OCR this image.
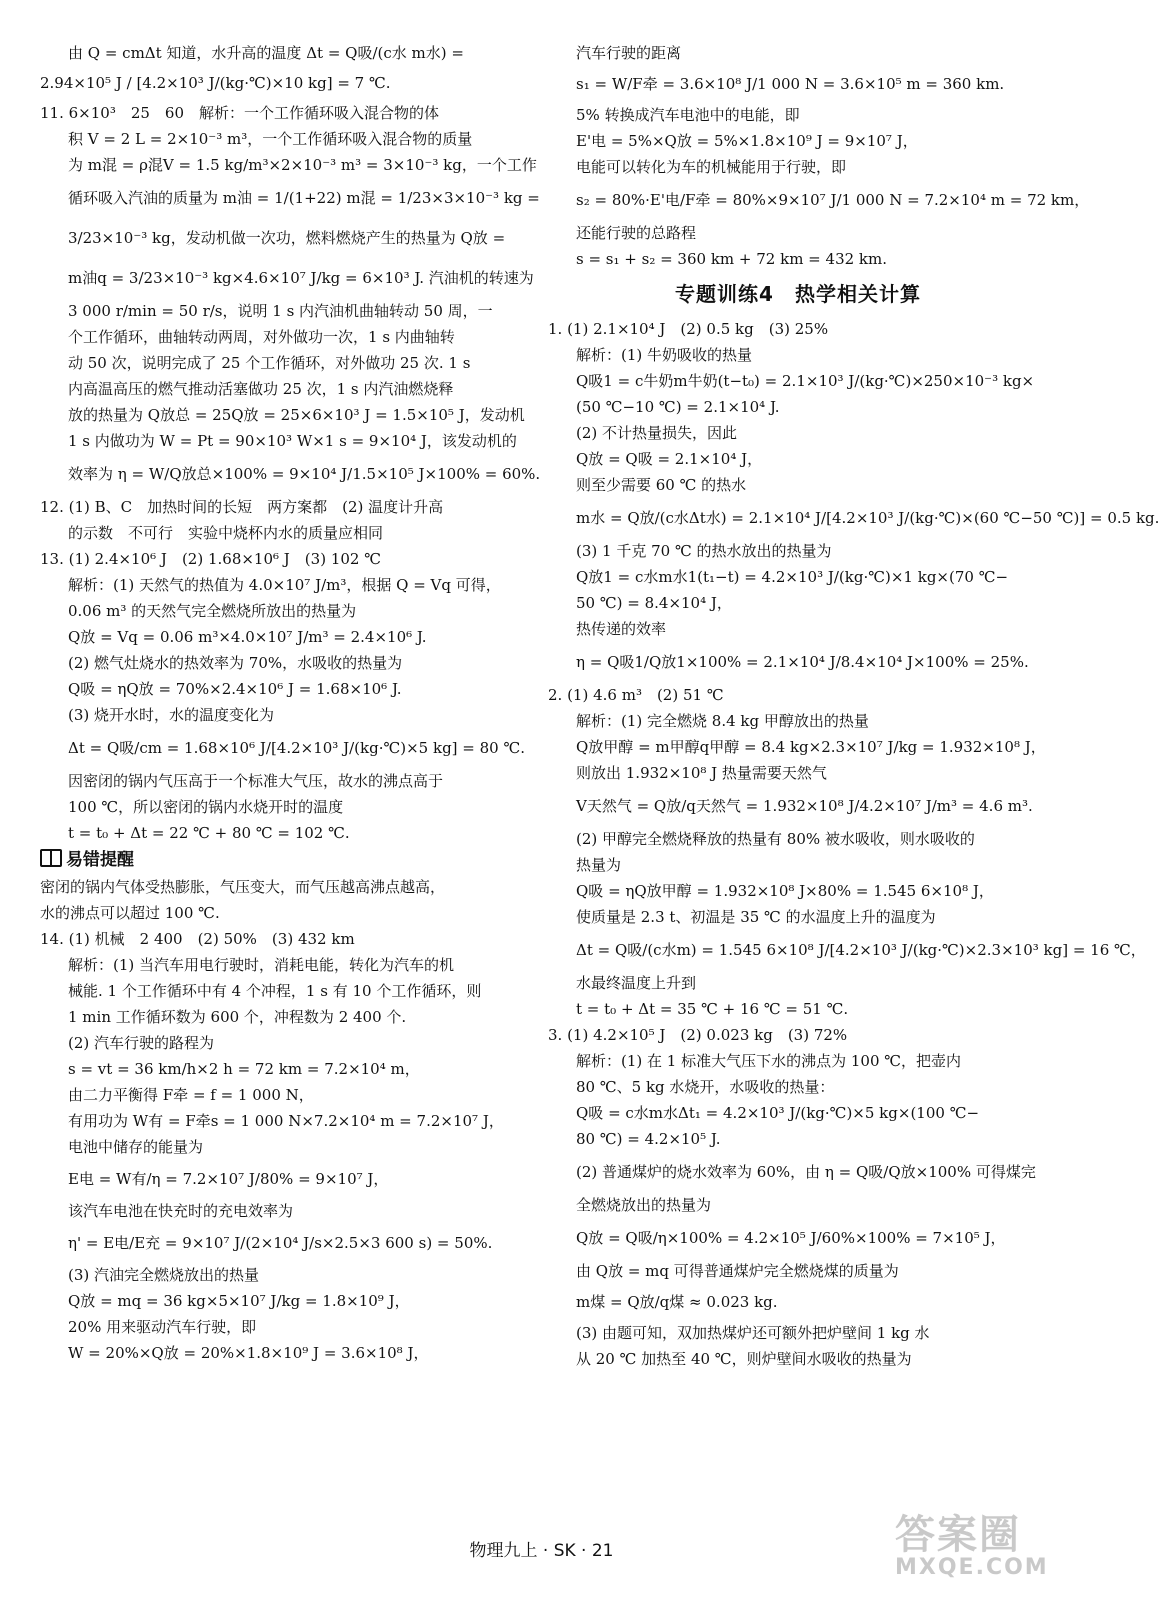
由 Q = cmΔt 知道，水升高的温度 Δt = Q吸/(c水 m水) =
2.94×10⁵ J / [4.2×10³ J/(kg·℃)×10 kg] = 7 ℃.
11. 6×10³　25　60　解析：一个工作循环吸入混合物的体
积 V = 2 L = 2×10⁻³ m³，一个工作循环吸入混合物的质量
为 m混 = ρ混V = 1.5 kg/m³×2×10⁻³ m³ = 3×10⁻³ kg，一个工作
循环吸入汽油的质量为 m油 = 1/(1+22) m混 = 1/23×3×10⁻³ kg =
3/23×10⁻³ kg，发动机做一次功，燃料燃烧产生的热量为 Q放 =
m油q = 3/23×10⁻³ kg×4.6×10⁷ J/kg = 6×10³ J. 汽油机的转速为
3 000 r/min = 50 r/s，说明 1 s 内汽油机曲轴转动 50 周，一
个工作循环，曲轴转动两周，对外做功一次，1 s 内曲轴转
动 50 次，说明完成了 25 个工作循环，对外做功 25 次. 1 s
内高温高压的燃气推动活塞做功 25 次，1 s 内汽油燃烧释
放的热量为 Q放总 = 25Q放 = 25×6×10³ J = 1.5×10⁵ J，发动机
1 s 内做功为 W = Pt = 90×10³ W×1 s = 9×10⁴ J，该发动机的
效率为 η = W/Q放总×100% = 9×10⁴ J/1.5×10⁵ J×100% = 60%.
12. (1) B、C　加热时间的长短　两方案都　(2) 温度计升高
的示数　不可行　实验中烧杯内水的质量应相同
13. (1) 2.4×10⁶ J　(2) 1.68×10⁶ J　(3) 102 ℃
解析：(1) 天然气的热值为 4.0×10⁷ J/m³，根据 Q = Vq 可得，
0.06 m³ 的天然气完全燃烧所放出的热量为
Q放 = Vq = 0.06 m³×4.0×10⁷ J/m³ = 2.4×10⁶ J.
(2) 燃气灶烧水的热效率为 70%，水吸收的热量为
Q吸 = ηQ放 = 70%×2.4×10⁶ J = 1.68×10⁶ J.
(3) 烧开水时，水的温度变化为
Δt = Q吸/cm = 1.68×10⁶ J/[4.2×10³ J/(kg·℃)×5 kg] = 80 ℃.
因密闭的锅内气压高于一个标准大气压，故水的沸点高于
100 ℃，所以密闭的锅内水烧开时的温度
t = t₀ + Δt = 22 ℃ + 80 ℃ = 102 ℃.
易错提醒
密闭的锅内气体受热膨胀，气压变大，而气压越高沸点越高，
水的沸点可以超过 100 ℃.
14. (1) 机械　2 400　(2) 50%　(3) 432 km
解析：(1) 当汽车用电行驶时，消耗电能，转化为汽车的机
械能. 1 个工作循环中有 4 个冲程，1 s 有 10 个工作循环，则
1 min 工作循环数为 600 个，冲程数为 2 400 个.
(2) 汽车行驶的路程为
s = vt = 36 km/h×2 h = 72 km = 7.2×10⁴ m，
由二力平衡得 F牵 = f = 1 000 N，
有用功为 W有 = F牵s = 1 000 N×7.2×10⁴ m = 7.2×10⁷ J，
电池中储存的能量为
E电 = W有/η = 7.2×10⁷ J/80% = 9×10⁷ J，
该汽车电池在快充时的充电效率为
η' = E电/E充 = 9×10⁷ J/(2×10⁴ J/s×2.5×3 600 s) = 50%.
(3) 汽油完全燃烧放出的热量
Q放 = mq = 36 kg×5×10⁷ J/kg = 1.8×10⁹ J，
20% 用来驱动汽车行驶，即
W = 20%×Q放 = 20%×1.8×10⁹ J = 3.6×10⁸ J，
汽车行驶的距离
s₁ = W/F牵 = 3.6×10⁸ J/1 000 N = 3.6×10⁵ m = 360 km.
5% 转换成汽车电池中的电能，即
E'电 = 5%×Q放 = 5%×1.8×10⁹ J = 9×10⁷ J，
电能可以转化为车的机械能用于行驶，即
s₂ = 80%·E'电/F牵 = 80%×9×10⁷ J/1 000 N = 7.2×10⁴ m = 72 km，
还能行驶的总路程
s = s₁ + s₂ = 360 km + 72 km = 432 km.
专题训练4　热学相关计算
1. (1) 2.1×10⁴ J　(2) 0.5 kg　(3) 25%
解析：(1) 牛奶吸收的热量
Q吸1 = c牛奶m牛奶(t−t₀) = 2.1×10³ J/(kg·℃)×250×10⁻³ kg×
(50 ℃−10 ℃) = 2.1×10⁴ J.
(2) 不计热量损失，因此
Q放 = Q吸 = 2.1×10⁴ J，
则至少需要 60 ℃ 的热水
m水 = Q放/(c水Δt水) = 2.1×10⁴ J/[4.2×10³ J/(kg·℃)×(60 ℃−50 ℃)] = 0.5 kg.
(3) 1 千克 70 ℃ 的热水放出的热量为
Q放1 = c水m水1(t₁−t) = 4.2×10³ J/(kg·℃)×1 kg×(70 ℃−
50 ℃) = 8.4×10⁴ J，
热传递的效率
η = Q吸1/Q放1×100% = 2.1×10⁴ J/8.4×10⁴ J×100% = 25%.
2. (1) 4.6 m³　(2) 51 ℃
解析：(1) 完全燃烧 8.4 kg 甲醇放出的热量
Q放甲醇 = m甲醇q甲醇 = 8.4 kg×2.3×10⁷ J/kg = 1.932×10⁸ J，
则放出 1.932×10⁸ J 热量需要天然气
V天然气 = Q放/q天然气 = 1.932×10⁸ J/4.2×10⁷ J/m³ = 4.6 m³.
(2) 甲醇完全燃烧释放的热量有 80% 被水吸收，则水吸收的
热量为
Q吸 = ηQ放甲醇 = 1.932×10⁸ J×80% = 1.545 6×10⁸ J，
使质量是 2.3 t、初温是 35 ℃ 的水温度上升的温度为
Δt = Q吸/(c水m) = 1.545 6×10⁸ J/[4.2×10³ J/(kg·℃)×2.3×10³ kg] = 16 ℃，
水最终温度上升到
t = t₀ + Δt = 35 ℃ + 16 ℃ = 51 ℃.
3. (1) 4.2×10⁵ J　(2) 0.023 kg　(3) 72%
解析：(1) 在 1 标准大气压下水的沸点为 100 ℃，把壶内
80 ℃、5 kg 水烧开，水吸收的热量：
Q吸 = c水m水Δt₁ = 4.2×10³ J/(kg·℃)×5 kg×(100 ℃−
80 ℃) = 4.2×10⁵ J.
(2) 普通煤炉的烧水效率为 60%，由 η = Q吸/Q放×100% 可得煤完
全燃烧放出的热量为
Q放 = Q吸/η×100% = 4.2×10⁵ J/60%×100% = 7×10⁵ J，
由 Q放 = mq 可得普通煤炉完全燃烧煤的质量为
m煤 = Q放/q煤 ≈ 0.023 kg.
(3) 由题可知，双加热煤炉还可额外把炉壁间 1 kg 水
从 20 ℃ 加热至 40 ℃，则炉壁间水吸收的热量为
物理九上 · SK · 21	答案圈
MXQE.COM
